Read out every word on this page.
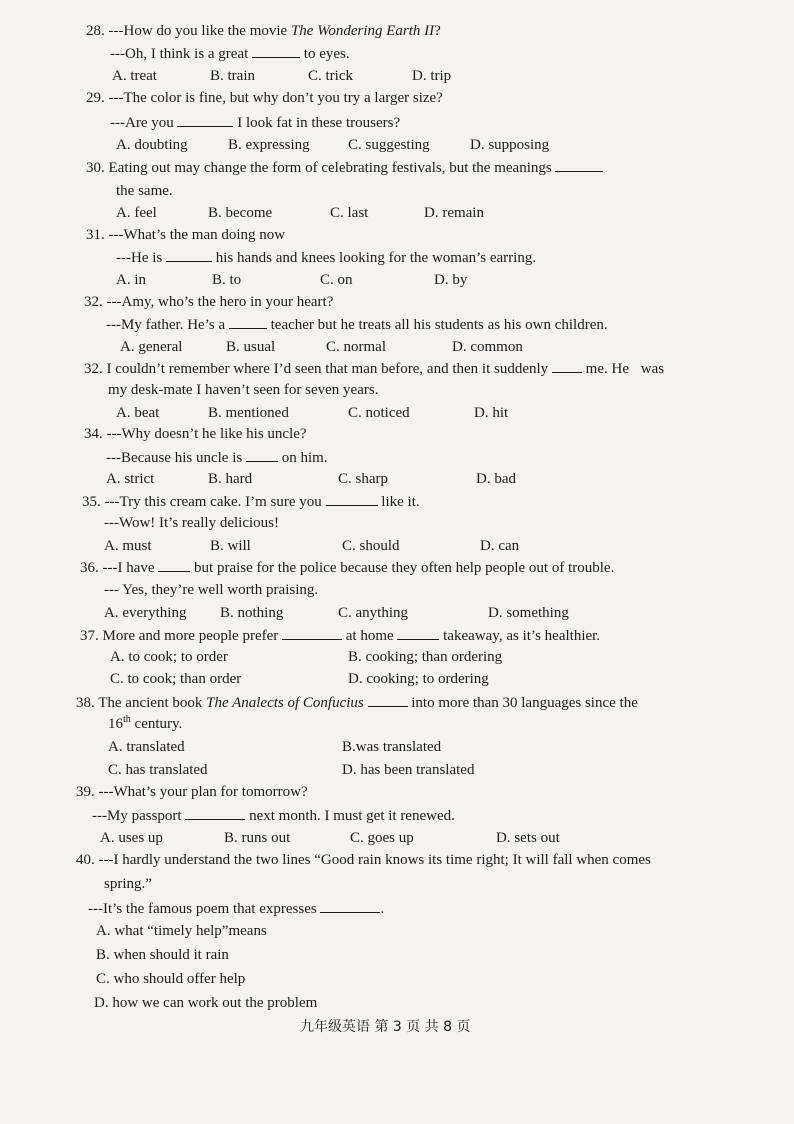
28. ---How do you like the movie The Wondering Earth II?
---Oh, I think is a great	to eyes.
A. treat	B. train	C. trick	D. trip
29. ---The color is fine, but why don’t you try a larger size?
---Are you	I look fat in these trousers?
A. doubting	B. expressing	C. suggesting	D. supposing
30. Eating out may change the form of celebrating festivals, but the meanings
the same.
A. feel	B. become	C. last	D. remain
31. ---What’s the man doing now
---He is	his hands and knees looking for the woman’s earring.
A. in	B. to	C. on	D. by
32. ---Amy, who’s the hero in your heart?
---My father. He’s a	teacher but he treats all his students as his own children.
A. general	B. usual	C. normal	D. common
32. I couldn’t remember where I’d seen that man before, and then it suddenly	me. He was
my desk-mate I haven’t seen for seven years.
A. beat	B. mentioned	C. noticed	D. hit
34. ---Why doesn’t he like his uncle?
---Because his uncle is	on him.
A. strict	B. hard	C. sharp	D. bad
35. ---Try this cream cake. I’m sure you	like it.
---Wow! It’s really delicious!
A. must	B. will	C. should	D. can
36. ---I have	but praise for the police because they often help people out of trouble.
--- Yes, they’re well worth praising.
A. everything B. nothing	C. anything	D. something
37. More and more people prefer	at home	takeaway, as it’s healthier.
A. to cook; to order	B. cooking; than ordering
C. to cook; than order	D. cooking; to ordering
38. The ancient book The Analects of Confucius	into more than 30 languages since the
16th century.
A. translated	B.was translated
C. has translated	D. has been translated
39. ---What’s your plan for tomorrow?
---My passport	next month. I must get it renewed.
A. uses up	B. runs out	C. goes up	D. sets out
40. ---I hardly understand the two lines “Good rain knows its time right; It will fall when comes
spring.”
---It’s the famous poem that expresses	.
A. what “timely help”means
B. when should it rain
C. who should offer help
D. how we can work out the problem
九年级英语 第 3 页 共 8 页
